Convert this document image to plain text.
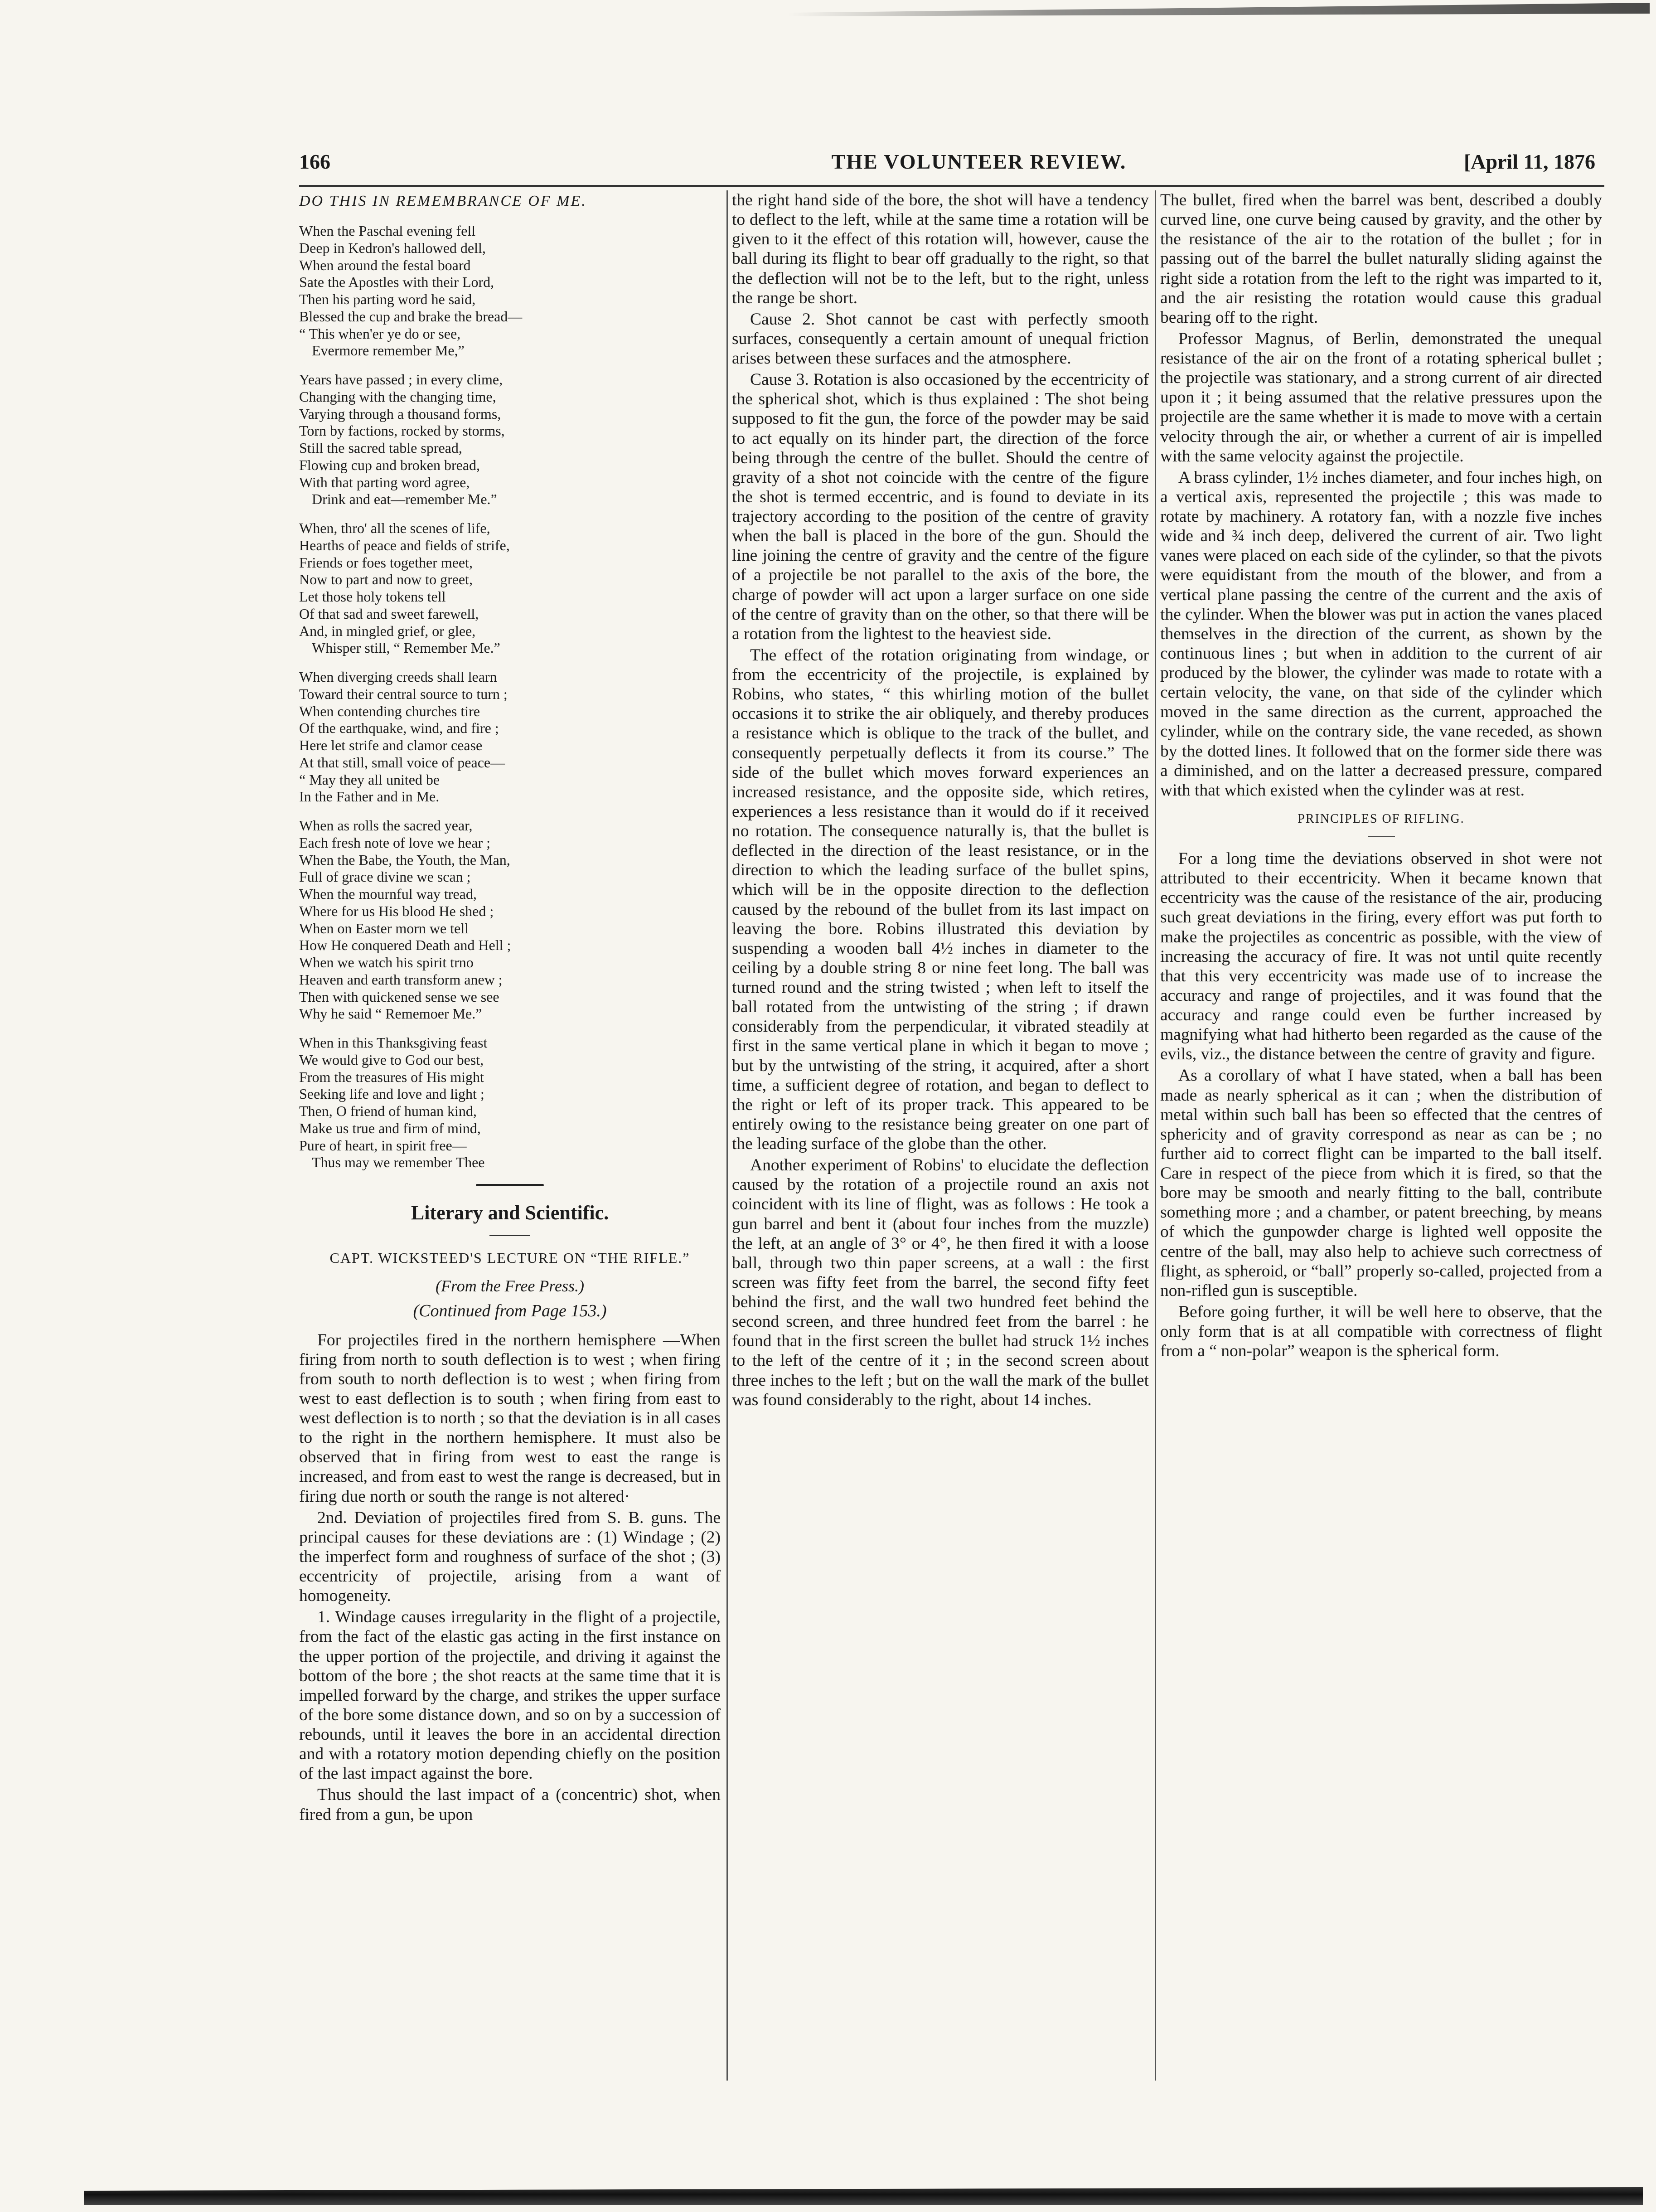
166	THE VOLUNTEER REVIEW.	[April 11, 1876
DO THIS IN REMEMBRANCE OF ME.
When the Paschal evening fell
Deep in Kedron's hallowed dell,
When around the festal board
Sate the Apostles with their Lord,
Then his parting word he said,
Blessed the cup and brake the bread—
“ This when'er ye do or see,
Evermore remember Me,”
Years have passed ; in every clime,
Changing with the changing time,
Varying through a thousand forms,
Torn by factions, rocked by storms,
Still the sacred table spread,
Flowing cup and broken bread,
With that parting word agree,
Drink and eat—remember Me.”
When, thro' all the scenes of life,
Hearths of peace and fields of strife,
Friends or foes together meet,
Now to part and now to greet,
Let those holy tokens tell
Of that sad and sweet farewell,
And, in mingled grief, or glee,
Whisper still, “ Remember Me.”
When diverging creeds shall learn
Toward their central source to turn ;
When contending churches tire
Of the earthquake, wind, and fire ;
Here let strife and clamor cease
At that still, small voice of peace—
“ May they all united be
In the Father and in Me.
When as rolls the sacred year,
Each fresh note of love we hear ;
When the Babe, the Youth, the Man,
Full of grace divine we scan ;
When the mournful way tread,
Where for us His blood He shed ;
When on Easter morn we tell
How He conquered Death and Hell ;
When we watch his spirit trno
Heaven and earth transform anew ;
Then with quickened sense we see
Why he said “ Rememoer Me.”
When in this Thanksgiving feast
We would give to God our best,
From the treasures of His might
Seeking life and love and light ;
Then, O friend of human kind,
Make us true and firm of mind,
Pure of heart, in spirit free—
Thus may we remember Thee
Literary and Scientific.
CAPT. WICKSTEED'S LECTURE ON “THE RIFLE.”
(From the Free Press.)
(Continued from Page 153.)

For projectiles fired in the northern hemisphere —When firing from north to south deflection is to west ; when firing from south to north deflection is to west ; when firing from west to east deflection is to south ; when firing from east to west deflection is to north ; so that the deviation is in all cases to the right in the northern hemisphere. It must also be observed that in firing from west to east the range is increased, and from east to west the range is decreased, but in firing due north or south the range is not altered·

2nd. Deviation of projectiles fired from S. B. guns. The principal causes for these deviations are : (1) Windage ; (2) the imperfect form and roughness of surface of the shot ; (3) eccentricity of projectile, arising from a want of homogeneity.

1. Windage causes irregularity in the flight of a projectile, from the fact of the elastic gas acting in the first instance on the upper portion of the projectile, and driving it against the bottom of the bore ; the shot reacts at the same time that it is impelled forward by the charge, and strikes the upper surface of the bore some distance down, and so on by a succession of rebounds, until it leaves the bore in an accidental direction and with a rotatory motion depending chiefly on the position of the last impact against the bore.

Thus should the last impact of a (concentric) shot, when fired from a gun, be upon

the right hand side of the bore, the shot will have a tendency to deflect to the left, while at the same time a rotation will be given to it the effect of this rotation will, however, cause the ball during its flight to bear off gradually to the right, so that the deflection will not be to the left, but to the right, unless the range be short.

Cause 2. Shot cannot be cast with perfectly smooth surfaces, consequently a certain amount of unequal friction arises between these surfaces and the atmosphere.

Cause 3. Rotation is also occasioned by the eccentricity of the spherical shot, which is thus explained : The shot being supposed to fit the gun, the force of the powder may be said to act equally on its hinder part, the direction of the force being through the centre of the bullet. Should the centre of gravity of a shot not coincide with the centre of the figure the shot is termed eccentric, and is found to deviate in its trajectory according to the position of the centre of gravity when the ball is placed in the bore of the gun. Should the line joining the centre of gravity and the centre of the figure of a projectile be not parallel to the axis of the bore, the charge of powder will act upon a larger surface on one side of the centre of gravity than on the other, so that there will be a rotation from the lightest to the heaviest side.

The effect of the rotation originating from windage, or from the eccentricity of the projectile, is explained by Robins, who states, “ this whirling motion of the bullet occasions it to strike the air obliquely, and thereby produces a resistance which is oblique to the track of the bullet, and consequently perpetually deflects it from its course.” The side of the bullet which moves forward experiences an increased resistance, and the opposite side, which retires, experiences a less resistance than it would do if it received no rotation. The consequence naturally is, that the bullet is deflected in the direction of the least resistance, or in the direction to which the leading surface of the bullet spins, which will be in the opposite direction to the deflection caused by the rebound of the bullet from its last impact on leaving the bore. Robins illustrated this deviation by suspending a wooden ball 4½ inches in diameter to the ceiling by a double string 8 or nine feet long. The ball was turned round and the string twisted ; when left to itself the ball rotated from the untwisting of the string ; if drawn considerably from the perpendicular, it vibrated steadily at first in the same vertical plane in which it began to move ; but by the untwisting of the string, it acquired, after a short time, a sufficient degree of rotation, and began to deflect to the right or left of its proper track. This appeared to be entirely owing to the resistance being greater on one part of the leading surface of the globe than the other.

Another experiment of Robins' to elucidate the deflection caused by the rotation of a projectile round an axis not coincident with its line of flight, was as follows : He took a gun barrel and bent it (about four inches from the muzzle) the left, at an angle of 3° or 4°, he then fired it with a loose ball, through two thin paper screens, at a wall : the first screen was fifty feet from the barrel, the second fifty feet behind the first, and the wall two hundred feet behind the second screen, and three hundred feet from the barrel : he found that in the first screen the bullet had struck 1½ inches to the left of the centre of it ; in the second screen about three inches to the left ; but on the wall the mark of the bullet was found considerably to the right, about 14 inches.

The bullet, fired when the barrel was bent, described a doubly curved line, one curve being caused by gravity, and the other by the resistance of the air to the rotation of the bullet ; for in passing out of the barrel the bullet naturally sliding against the right side a rotation from the left to the right was imparted to it, and the air resisting the rotation would cause this gradual bearing off to the right.

Professor Magnus, of Berlin, demonstrated the unequal resistance of the air on the front of a rotating spherical bullet ; the projectile was stationary, and a strong current of air directed upon it ; it being assumed that the relative pressures upon the projectile are the same whether it is made to move with a certain velocity through the air, or whether a current of air is impelled with the same velocity against the projectile.

A brass cylinder, 1½ inches diameter, and four inches high, on a vertical axis, represented the projectile ; this was made to rotate by machinery. A rotatory fan, with a nozzle five inches wide and ¾ inch deep, delivered the current of air. Two light vanes were placed on each side of the cylinder, so that the pivots were equidistant from the mouth of the blower, and from a vertical plane passing the centre of the current and the axis of the cylinder. When the blower was put in action the vanes placed themselves in the direction of the current, as shown by the continuous lines ; but when in addition to the current of air produced by the blower, the cylinder was made to rotate with a certain velocity, the vane, on that side of the cylinder which moved in the same direction as the current, approached the cylinder, while on the contrary side, the vane receded, as shown by the dotted lines. It followed that on the former side there was a diminished, and on the latter a decreased pressure, compared with that which existed when the cylinder was at rest.

PRINCIPLES OF RIFLING.

For a long time the deviations observed in shot were not attributed to their eccentricity. When it became known that eccentricity was the cause of the resistance of the air, producing such great deviations in the firing, every effort was put forth to make the projectiles as concentric as possible, with the view of increasing the accuracy of fire. It was not until quite recently that this very eccentricity was made use of to increase the accuracy and range of projectiles, and it was found that the accuracy and range could even be further increased by magnifying what had hitherto been regarded as the cause of the evils, viz., the distance between the centre of gravity and figure.

As a corollary of what I have stated, when a ball has been made as nearly spherical as it can ; when the distribution of metal within such ball has been so effected that the centres of sphericity and of gravity correspond as near as can be ; no further aid to correct flight can be imparted to the ball itself. Care in respect of the piece from which it is fired, so that the bore may be smooth and nearly fitting to the ball, contribute something more ; and a chamber, or patent breeching, by means of which the gunpowder charge is lighted well opposite the centre of the ball, may also help to achieve such correctness of flight, as spheroid, or “ball” properly so-called, projected from a non-rifled gun is susceptible.

Before going further, it will be well here to observe, that the only form that is at all compatible with correctness of flight from a “ non-polar” weapon is the spherical form.
